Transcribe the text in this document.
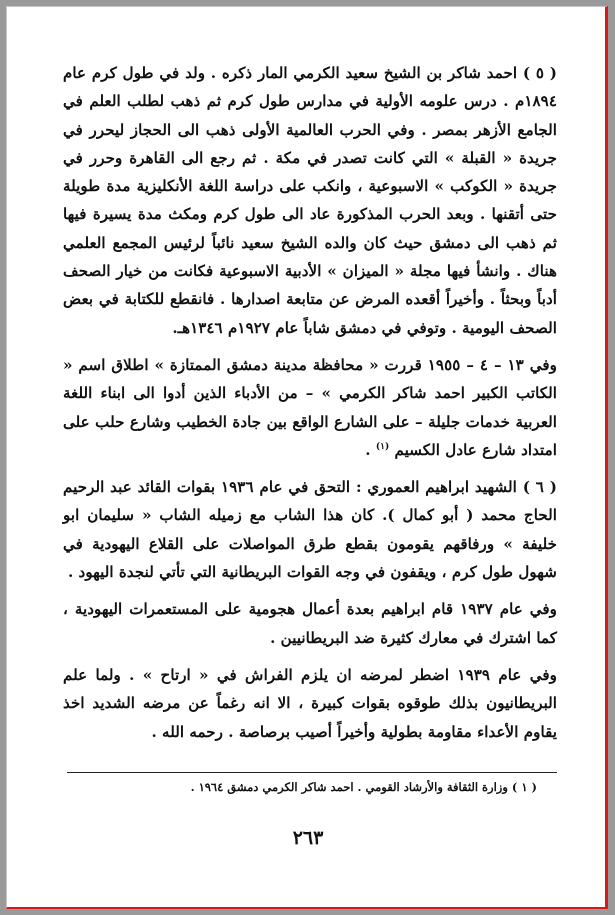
( ٥ ) احمد شاكر بن الشيخ سعيد الكرمي المار ذكره . ولد في طول كرم عام ١٨٩٤م . درس علومه الأولية في مدارس طول كرم ثم ذهب لطلب العلم في الجامع الأزهر بمصر . وفي الحرب العالمية الأولى ذهب الى الحجاز ليحرر في جريدة « القبلة » التي كانت تصدر في مكة . ثم رجع الى القاهرة وحرر في جريدة « الكوكب » الاسبوعية ، وانكب على دراسة اللغة الأنكليزية مدة طويلة حتى أتقنها . وبعد الحرب المذكورة عاد الى طول كرم ومكث مدة يسيرة فيها ثم ذهب الى دمشق حيث كان والده الشيخ سعيد نائباً لرئيس المجمع العلمي هناك . وانشأ فيها مجلة « الميزان » الأدبية الاسبوعية فكانت من خيار الصحف أدباً وبحثاً . وأخيراً أقعده المرض عن متابعة اصدارها . فانقطع للكتابة في بعض الصحف اليومية . وتوفي في دمشق شاباً عام ١٩٢٧م ١٣٤٦هـ.

وفي ١٣ – ٤ – ١٩٥٥ قررت « محافظة مدينة دمشق الممتازة » اطلاق اسم « الكاتب الكبير احمد شاكر الكرمي » – من الأدباء الذين أدوا الى ابناء اللغة العربية خدمات جليلة – على الشارع الواقع بين جادة الخطيب وشارع حلب على امتداد شارع عادل الكسيم $^{(١)}$ .

( ٦ ) الشهيد ابراهيم العموري : التحق في عام ١٩٣٦ بقوات القائد عبد الرحيم الحاج محمد ( أبو كمال ). كان هذا الشاب مع زميله الشاب « سليمان ابو خليفة » ورفاقهم يقومون بقطع طرق المواصلات على القلاع اليهودية في شهول طول كرم ، ويقفون في وجه القوات البريطانية التي تأتي لنجدة اليهود .

وفي عام ١٩٣٧ قام ابراهيم بعدة أعمال هجومية على المستعمرات اليهودية ، كما اشترك في معارك كثيرة ضد البريطانيين .

وفي عام ١٩٣٩ اضطر لمرضه ان يلزم الفراش في « ارتاح » . ولما علم البريطانيون بذلك طوقوه بقوات كبيرة ، الا انه رغماً عن مرضه الشديد اخذ يقاوم الأعداء مقاومة بطولية وأخيراً أصيب برصاصة . رحمه الله .

( ١ ) وزارة الثقافة والأرشاد القومي . احمد شاكر الكرمي دمشق ١٩٦٤ .
٢٦٣
